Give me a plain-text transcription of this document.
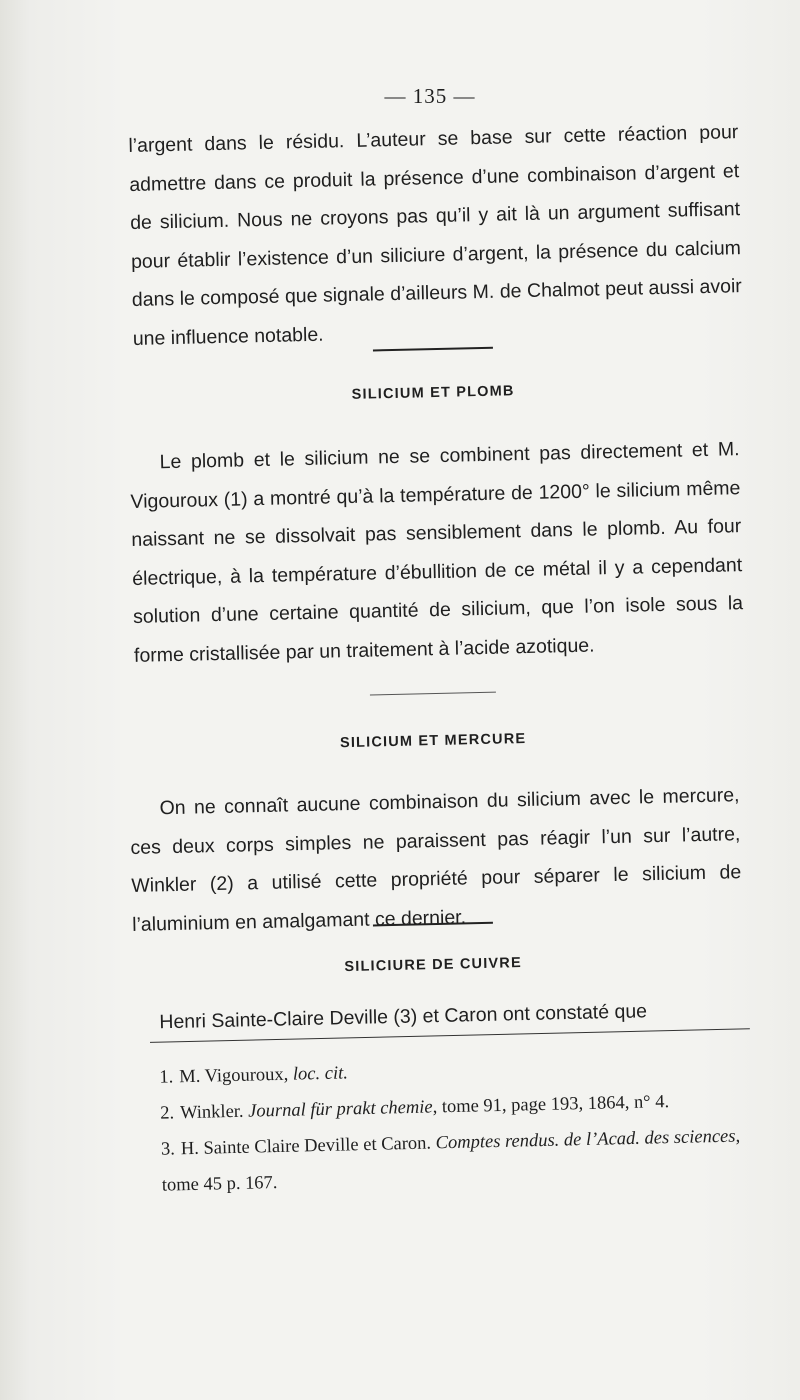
— 135 —

l’argent dans le résidu. L’auteur se base sur cette réaction pour admettre dans ce produit la présence d’une combinaison d’argent et de silicium. Nous ne croyons pas qu’il y ait là un argument suffisant pour établir l’existence d’un siliciure d’argent, la présence du calcium dans le composé que signale d’ailleurs M. de Chalmot peut aussi avoir une influence notable.

SILICIUM ET PLOMB

Le plomb et le silicium ne se combinent pas directement et M. Vigouroux (1) a montré qu’à la température de 1200° le silicium même naissant ne se dissolvait pas sensiblement dans le plomb. Au four électrique, à la température d’ébullition de ce métal il y a cependant solution d’une certaine quantité de silicium, que l’on isole sous la forme cristallisée par un traitement à l’acide azotique.

SILICIUM ET MERCURE

On ne connaît aucune combinaison du silicium avec le mercure, ces deux corps simples ne paraissent pas réagir l’un sur l’autre, Winkler (2) a utilisé cette propriété pour séparer le silicium de l’aluminium en amalgamant ce dernier.

SILICIURE DE CUIVRE

Henri Sainte-Claire Deville (3) et Caron ont constaté que

1. M. Vigouroux, loc. cit.

2. Winkler. Journal für prakt chemie, tome 91, page 193, 1864, n° 4.

3. H. Sainte Claire Deville et Caron. Comptes rendus. de l’Acad. des sciences, tome 45 p. 167.
